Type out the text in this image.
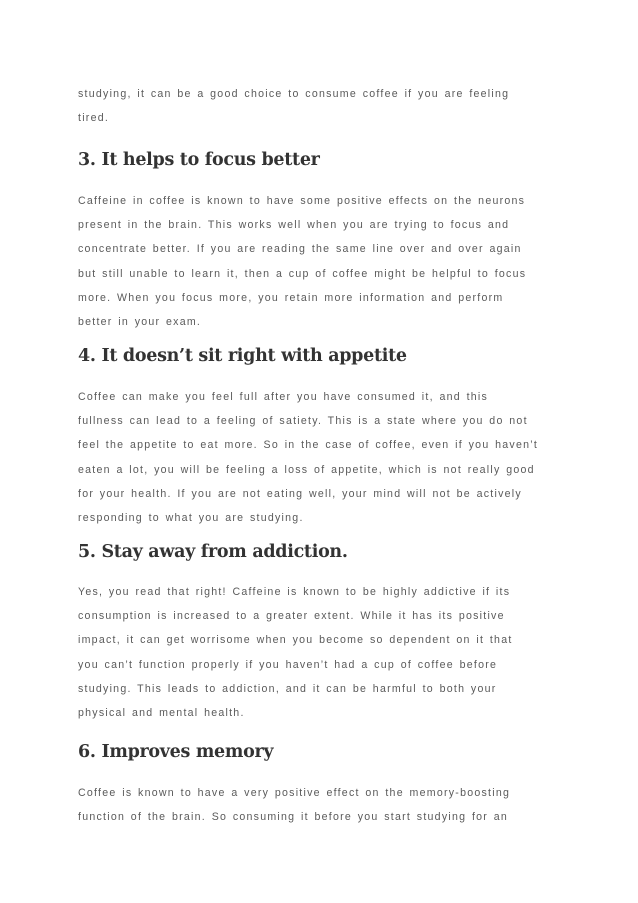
studying, it can be a good choice to consume coffee if you are feeling
tired.

3. It helps to focus better

Caffeine in coffee is known to have some positive effects on the neurons
present in the brain. This works well when you are trying to focus and
concentrate better. If you are reading the same line over and over again
but still unable to learn it, then a cup of coffee might be helpful to focus
more. When you focus more, you retain more information and perform
better in your exam.

4. It doesn’t sit right with appetite

Coffee can make you feel full after you have consumed it, and this
fullness can lead to a feeling of satiety. This is a state where you do not
feel the appetite to eat more. So in the case of coffee, even if you haven’t
eaten a lot, you will be feeling a loss of appetite, which is not really good
for your health. If you are not eating well, your mind will not be actively
responding to what you are studying.

5. Stay away from addiction.

Yes, you read that right! Caffeine is known to be highly addictive if its
consumption is increased to a greater extent. While it has its positive
impact, it can get worrisome when you become so dependent on it that
you can’t function properly if you haven’t had a cup of coffee before
studying. This leads to addiction, and it can be harmful to both your
physical and mental health.

6. Improves memory

Coffee is known to have a very positive effect on the memory-boosting
function of the brain. So consuming it before you start studying for an
